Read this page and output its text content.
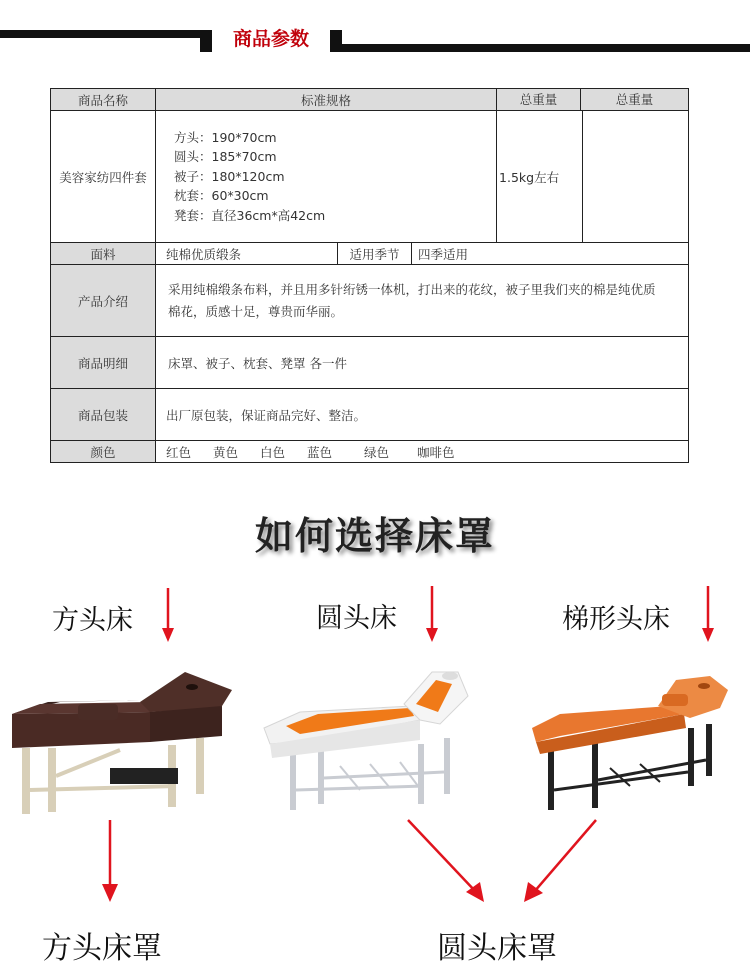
商品参数
商品名称	标准规格			总重量 总重量

美容家纺四件套	方头：190*70cm
圆头：185*70cm
被子：180*120cm
枕套：60*30cm
凳套：直径36cm*高42cm			1.5kg左右

面料	纯棉优质缎条	适用季节	四季适用	
产品介绍	采用纯棉缎条布料，并且用多针绗锈一体机，打出来的花纹，被子里我们夹的棉是纯优质棉花，质感十足，尊贵而华丽。			
商品明细	床罩、被子、枕套、凳罩 各一件			
商品包装	出厂原包装，保证商品完好、整洁。			
颜色	红色 黄色 白色 蓝色 绿色 咖啡色			
如何选择床罩
方头床	圆头床	梯形头床
方头床罩	圆头床罩
